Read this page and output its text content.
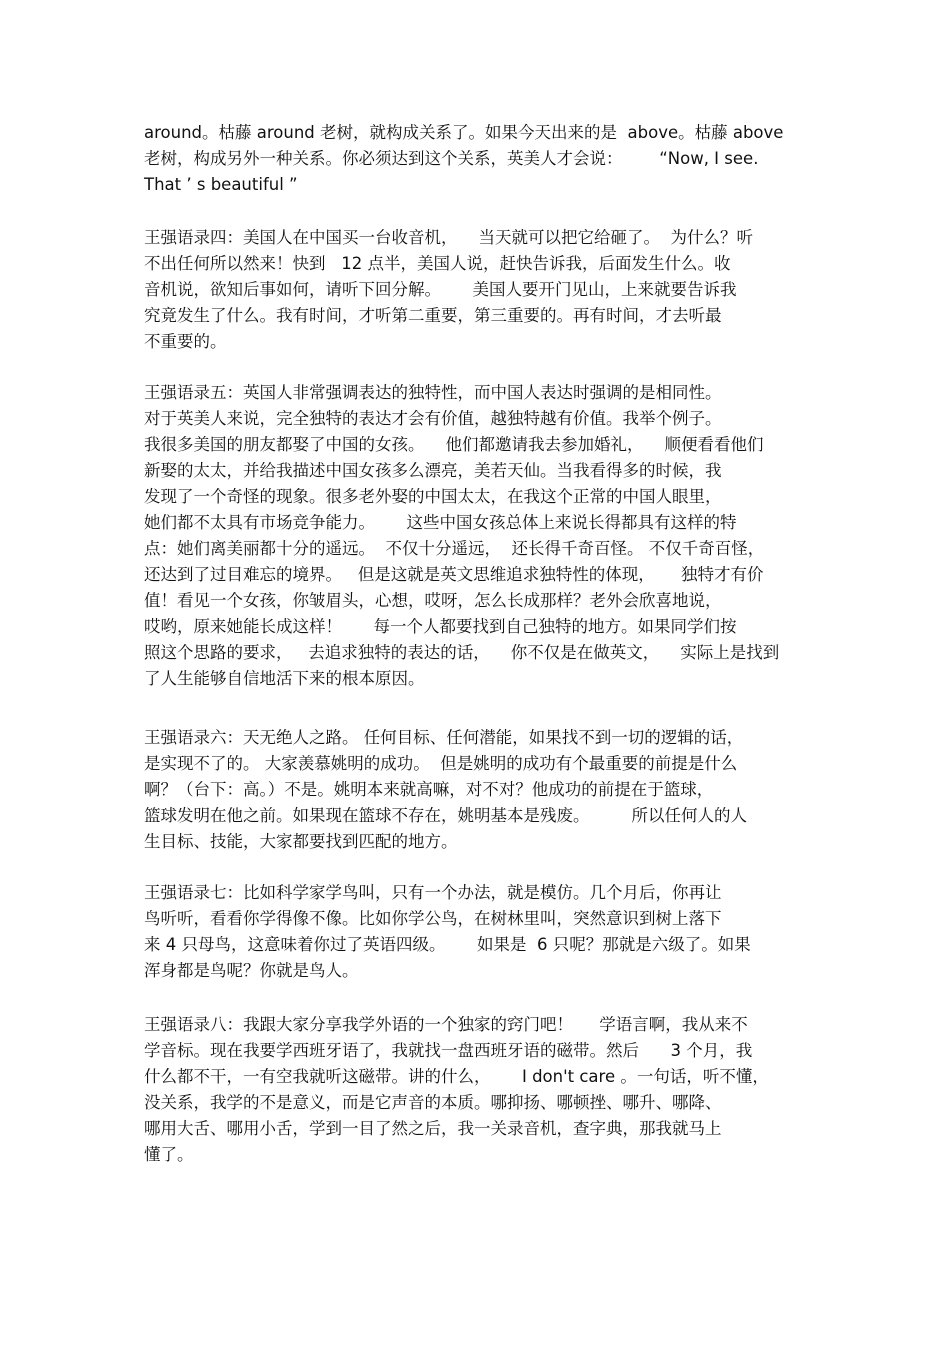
around。枯藤 around 老树，就构成关系了。如果今天出来的是  above。枯藤 above
老树，构成另外一种关系。你必须达到这个关系，英美人才会说：       “Now, I see.
That ’ s beautiful ”
王强语录四：美国人在中国买一台收音机，    当天就可以把它给砸了。  为什么？听
不出任何所以然来！快到   12 点半，美国人说，赶快告诉我，后面发生什么。收
音机说，欲知后事如何，请听下回分解。      美国人要开门见山，上来就要告诉我
究竟发生了什么。我有时间，才听第二重要，第三重要的。再有时间，才去听最
不重要的。
王强语录五：英国人非常强调表达的独特性，而中国人表达时强调的是相同性。
对于英美人来说，完全独特的表达才会有价值，越独特越有价值。我举个例子。
我很多美国的朋友都娶了中国的女孩。    他们都邀请我去参加婚礼，    顺便看看他们
新娶的太太，并给我描述中国女孩多么漂亮，美若天仙。当我看得多的时候，我
发现了一个奇怪的现象。很多老外娶的中国太太，在我这个正常的中国人眼里，
她们都不太具有市场竞争能力。      这些中国女孩总体上来说长得都具有这样的特
点：她们离美丽都十分的遥远。  不仅十分遥远，  还长得千奇百怪。 不仅千奇百怪，
还达到了过目难忘的境界。   但是这就是英文思维追求独特性的体现，     独特才有价
值！看见一个女孩，你皱眉头，心想，哎呀，怎么长成那样？老外会欣喜地说，
哎哟，原来她能长成这样！      每一个人都要找到自己独特的地方。如果同学们按
照这个思路的要求，   去追求独特的表达的话，    你不仅是在做英文，    实际上是找到
了人生能够自信地活下来的根本原因。
王强语录六：天无绝人之路。 任何目标、任何潜能，如果找不到一切的逻辑的话，
是实现不了的。 大家羡慕姚明的成功。  但是姚明的成功有个最重要的前提是什么
啊？（台下：高。）不是。姚明本来就高嘛，对不对？他成功的前提在于篮球，
篮球发明在他之前。如果现在篮球不存在，姚明基本是残废。        所以任何人的人
生目标、技能，大家都要找到匹配的地方。
王强语录七：比如科学家学鸟叫，只有一个办法，就是模仿。几个月后，你再让
鸟听听，看看你学得像不像。比如你学公鸟，在树林里叫，突然意识到树上落下
来 4 只母鸟，这意味着你过了英语四级。      如果是  6 只呢？那就是六级了。如果
浑身都是鸟呢？你就是鸟人。
王强语录八：我跟大家分享我学外语的一个独家的窍门吧！     学语言啊，我从来不
学音标。现在我要学西班牙语了，我就找一盘西班牙语的磁带。然后      3 个月，我
什么都不干，一有空我就听这磁带。讲的什么，      I don't care 。一句话，听不懂，
没关系，我学的不是意义，而是它声音的本质。哪抑扬、哪顿挫、哪升、哪降、
哪用大舌、哪用小舌，学到一目了然之后，我一关录音机，查字典，那我就马上
懂了。
